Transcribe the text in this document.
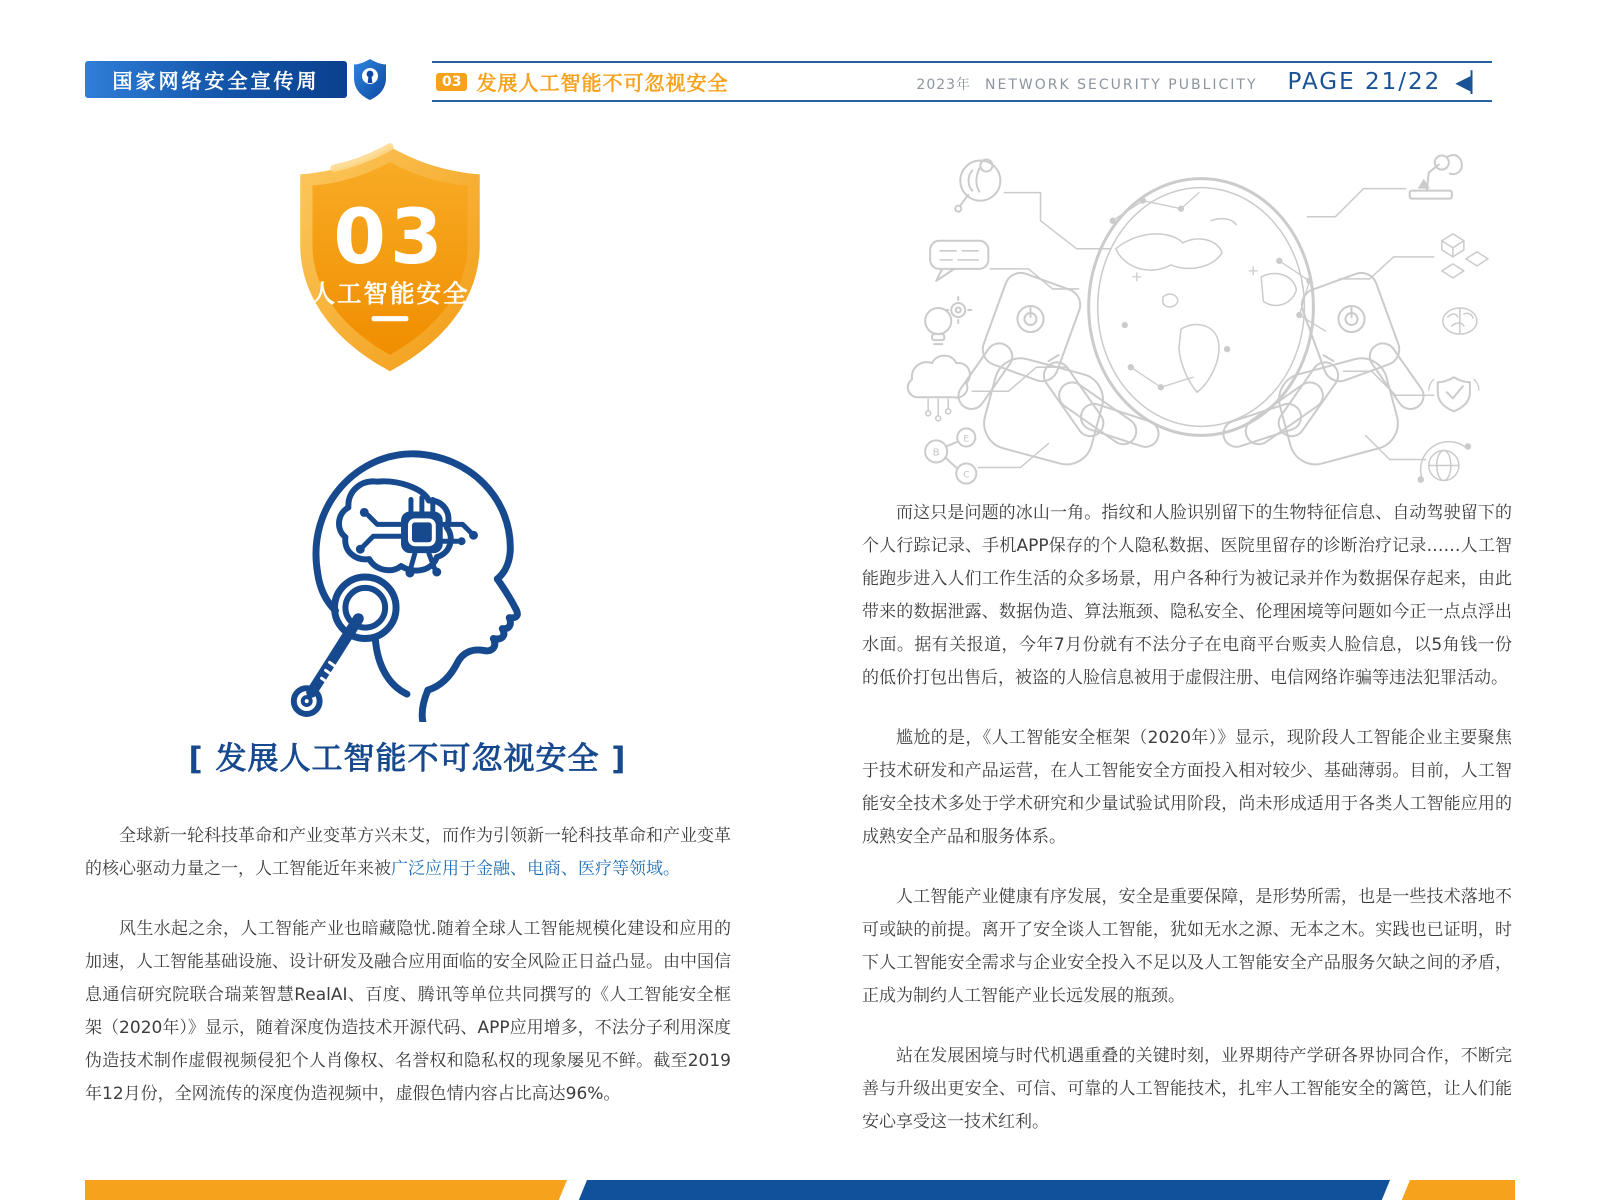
国家网络安全宣传周	03 发展人工智能不可忽视安全	2023年 NETWORK SECURITY PUBLICITY PAGE 21/22 ◀▏
03
人工智能安全
[ 发展人工智能不可忽视安全 ]

全球新一轮科技革命和产业变革方兴未艾，而作为引领新一轮科技革命和产业变革的核心驱动力量之一，人工智能近年来被广泛应用于金融、电商、医疗等领域。

风生水起之余，人工智能产业也暗藏隐忧.随着全球人工智能规模化建设和应用的加速，人工智能基础设施、设计研发及融合应用面临的安全风险正日益凸显。由中国信息通信研究院联合瑞莱智慧RealAI、百度、腾讯等单位共同撰写的《人工智能安全框架（2020年）》显示，随着深度伪造技术开源代码、APP应用增多，不法分子利用深度伪造技术制作虚假视频侵犯个人肖像权、名誉权和隐私权的现象屡见不鲜。截至2019年12月份，全网流传的深度伪造视频中，虚假色情内容占比高达96%。

B
E
C

而这只是问题的冰山一角。指纹和人脸识别留下的生物特征信息、自动驾驶留下的个人行踪记录、手机APP保存的个人隐私数据、医院里留存的诊断治疗记录……人工智能跑步进入人们工作生活的众多场景，用户各种行为被记录并作为数据保存起来，由此带来的数据泄露、数据伪造、算法瓶颈、隐私安全、伦理困境等问题如今正一点点浮出水面。据有关报道，今年7月份就有不法分子在电商平台贩卖人脸信息，以5角钱一份的低价打包出售后，被盗的人脸信息被用于虚假注册、电信网络诈骗等违法犯罪活动。

尴尬的是，《人工智能安全框架（2020年）》显示，现阶段人工智能企业主要聚焦于技术研发和产品运营，在人工智能安全方面投入相对较少、基础薄弱。目前，人工智能安全技术多处于学术研究和少量试验试用阶段，尚未形成适用于各类人工智能应用的成熟安全产品和服务体系。

人工智能产业健康有序发展，安全是重要保障，是形势所需，也是一些技术落地不可或缺的前提。离开了安全谈人工智能，犹如无水之源、无本之木。实践也已证明，时下人工智能安全需求与企业安全投入不足以及人工智能安全产品服务欠缺之间的矛盾，正成为制约人工智能产业长远发展的瓶颈。

站在发展困境与时代机遇重叠的关键时刻，业界期待产学研各界协同合作，不断完善与升级出更安全、可信、可靠的人工智能技术，扎牢人工智能安全的篱笆，让人们能安心享受这一技术红利。
